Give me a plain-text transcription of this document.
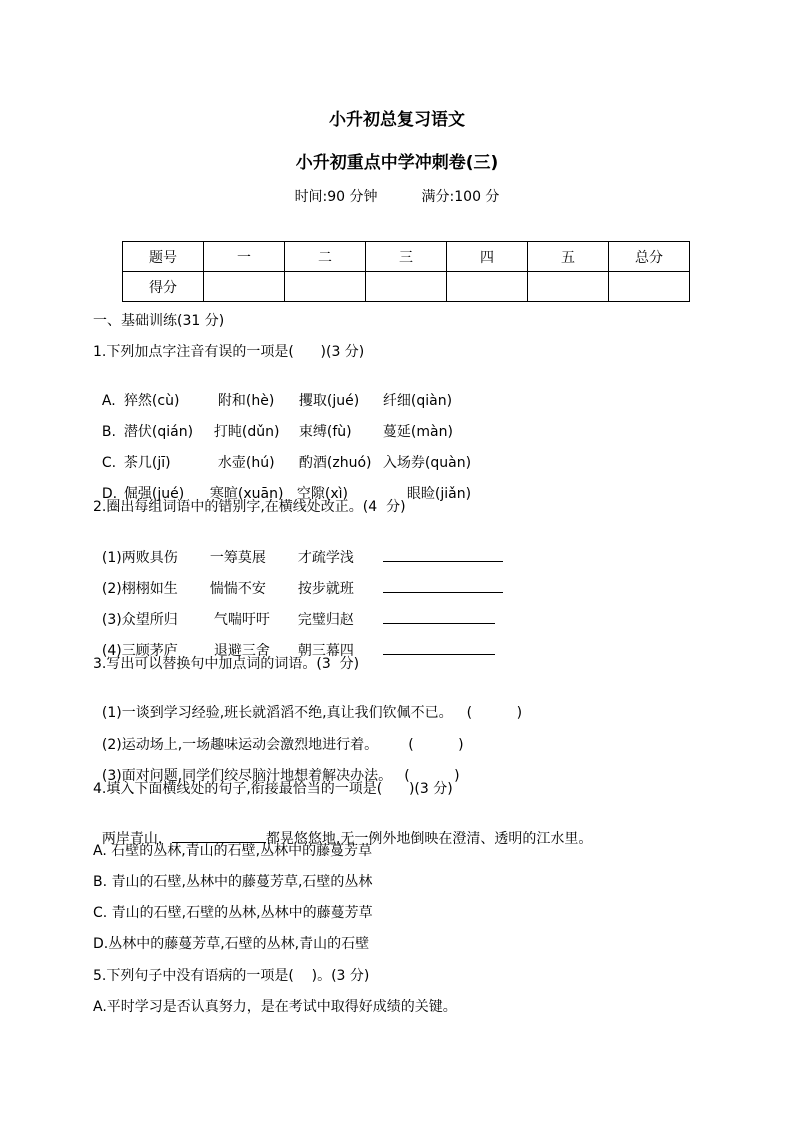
小升初总复习语文
小升初重点中学冲刺卷(三)
时间:90 分钟	满分:100 分
题号	一	二	三	四	五	总分
得分						
一、基础训练(31 分)
1.下列加点字注音有误的一项是(      )(3 分)

A. 猝然(cù)	附和(hè) 攫取(jué) 纤细(qiàn)

B. 潜伏(qián) 打盹(dǔn) 束缚(fù) 蔓延(màn)

C. 茶几(jī)	水壶(hú) 酌酒(zhuó) 入场券(quàn)

D. 倔强(jué) 寒暄(xuān) 空隙(xì)	眼睑(jiǎn)

2.圈出每组词语中的错别字,在横线处改正。(4  分)

(1)两败具伤 一筹莫展 才疏学浅

(2)栩栩如生 惴惴不安 按步就班

(3)众望所归	气喘吁吁 完璧归赵

(4)三顾茅庐	退避三舍 朝三幕四

3.写出可以替换句中加点词的词语。(3  分)

(1)一谈到学习经验,班长就滔滔不绝,真让我们钦佩不已。 (          )

(2)运动场上,一场趣味运动会激烈地进行着。 (          )

(3)面对问题,同学们绞尽脑汁地想着解决办法。 (          )

4.填入下面横线处的句子,衔接最恰当的一项是(      )(3 分)

两岸青山，	都晃悠悠地,无一例外地倒映在澄清、透明的江水里。

A. 石壁的丛林,青山的石壁,丛林中的藤蔓芳草
B. 青山的石壁,丛林中的藤蔓芳草,石壁的丛林
C. 青山的石壁,石壁的丛林,丛林中的藤蔓芳草
D.丛林中的藤蔓芳草,石壁的丛林,青山的石壁
5.下列句子中没有语病的一项是(    )。(3 分)
A.平时学习是否认真努力，是在考试中取得好成绩的关键。
